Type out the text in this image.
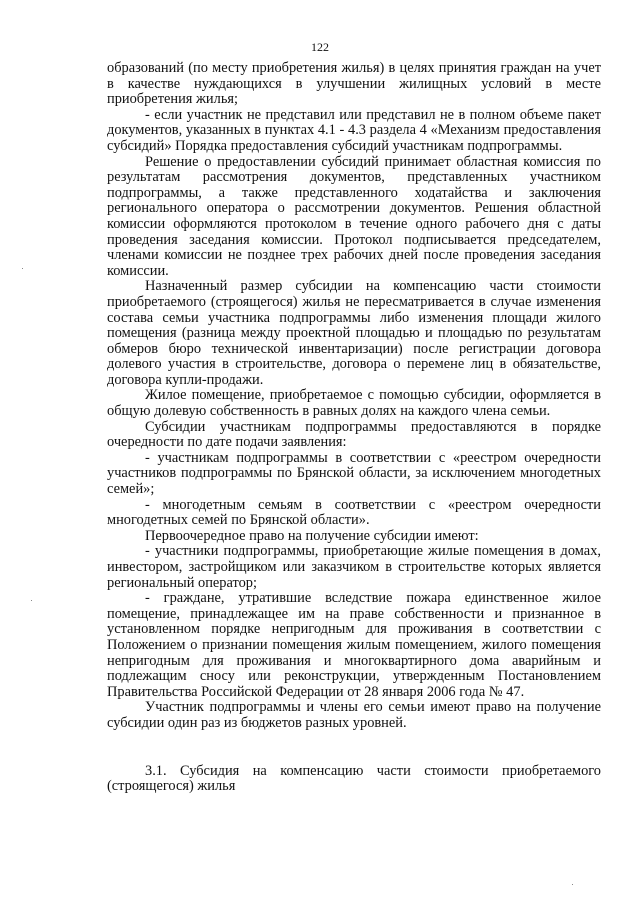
122

образований (по месту приобретения жилья) в целях принятия граждан на учет в качестве нуждающихся в улучшении жилищных условий в месте приобретения жилья;

- если участник не представил или представил не в полном объеме пакет документов, указанных в пунктах 4.1 - 4.3 раздела 4 «Механизм предоставления субсидий» Порядка предоставления субсидий участникам подпрограммы.

Решение о предоставлении субсидий принимает областная комиссия по результатам рассмотрения документов, представленных участником подпрограммы, а также представленного ходатайства и заключения регионального оператора о рассмотрении документов. Решения областной комиссии оформляются протоколом в течение одного рабочего дня с даты проведения заседания комиссии. Протокол подписывается председателем, членами комиссии не позднее трех рабочих дней после проведения заседания комиссии.

Назначенный размер субсидии на компенсацию части стоимости приобретаемого (строящегося) жилья не пересматривается в случае изменения состава семьи участника подпрограммы либо изменения площади жилого помещения (разница между проектной площадью и площадью по результатам обмеров бюро технической инвентаризации) после регистрации договора долевого участия в строительстве, договора о перемене лиц в обязательстве, договора купли-продажи.

Жилое помещение, приобретаемое с помощью субсидии, оформляется в общую долевую собственность в равных долях на каждого члена семьи.

Субсидии участникам подпрограммы предоставляются в порядке очередности по дате подачи заявления:

- участникам подпрограммы в соответствии с «реестром очередности участников подпрограммы по Брянской области, за исключением многодетных семей»;

- многодетным семьям в соответствии с «реестром очередности многодетных семей по Брянской области».

Первоочередное право на получение субсидии имеют:

- участники подпрограммы, приобретающие жилые помещения в домах, инвестором, застройщиком или заказчиком в строительстве которых является региональный оператор;

- граждане, утратившие вследствие пожара единственное жилое помещение, принадлежащее им на праве собственности и признанное в установленном порядке непригодным для проживания в соответствии с Положением о признании помещения жилым помещением, жилого помещения непригодным для проживания и многоквартирного дома аварийным и подлежащим сносу или реконструкции, утвержденным Постановлением Правительства Российской Федерации от 28 января 2006 года № 47.

Участник подпрограммы и члены его семьи имеют право на получение субсидии один раз из бюджетов разных уровней.

3.1. Субсидия на компенсацию части стоимости приобретаемого (строящегося) жилья
